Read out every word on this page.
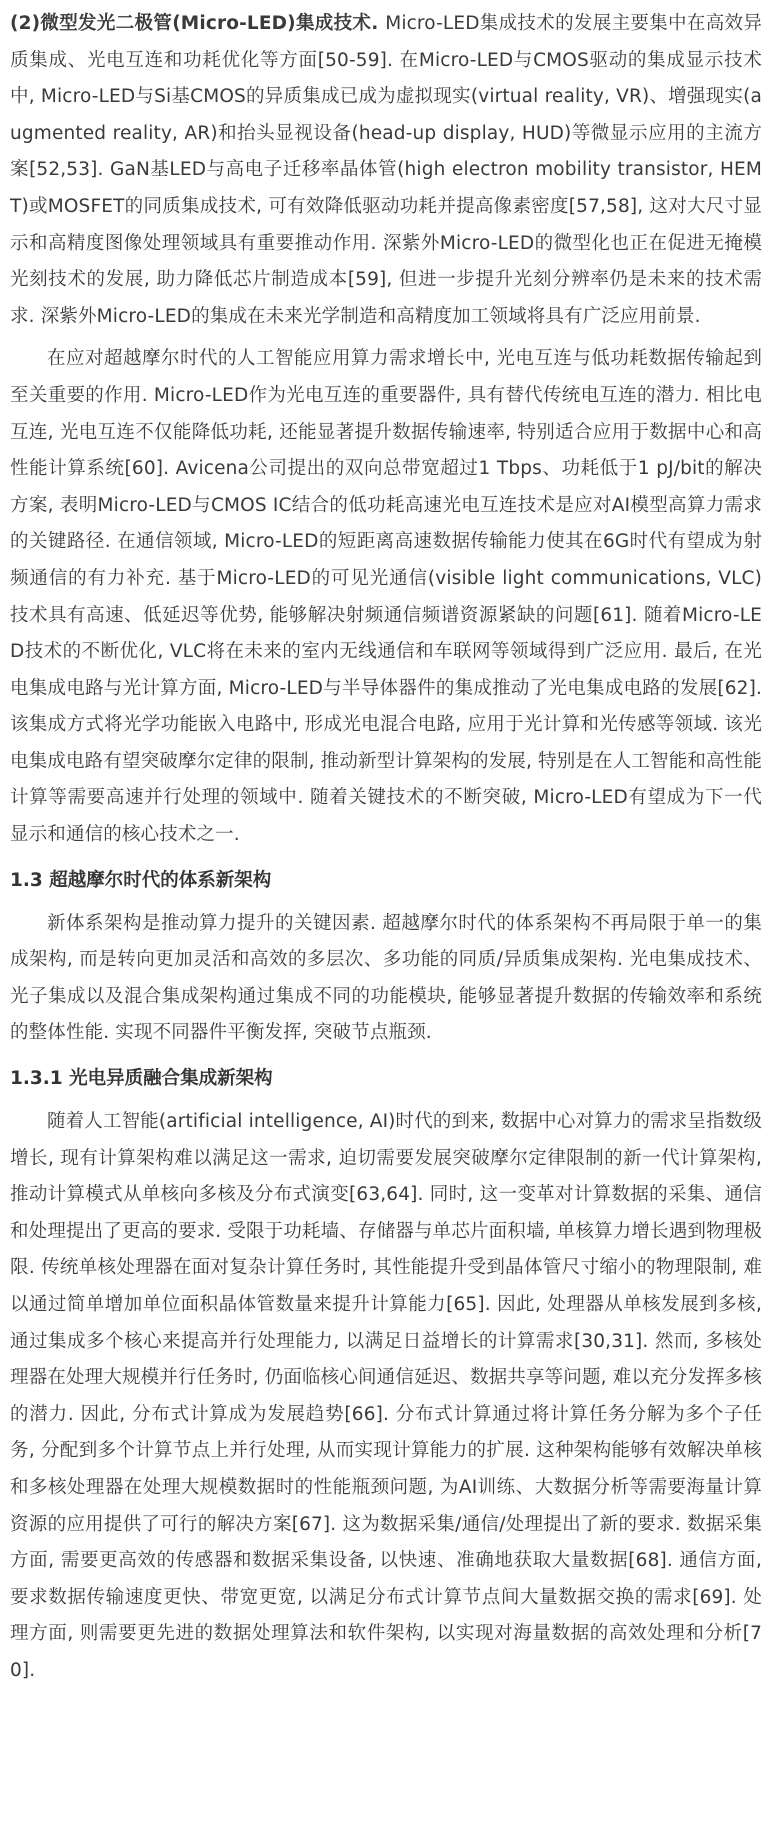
(2)微型发光二极管(Micro-LED)集成技术. Micro-LED集成技术的发展主要集中在高效异质集成、光电互连和功耗优化等方面[50-59]. 在Micro-LED与CMOS驱动的集成显示技术中, Micro-LED与Si基CMOS的异质集成已成为虚拟现实(virtual reality, VR)、增强现实(augmented reality, AR)和抬头显视设备(head-up display, HUD)等微显示应用的主流方案[52,53]. GaN基LED与高电子迁移率晶体管(high electron mobility transistor, HEMT)或MOSFET的同质集成技术, 可有效降低驱动功耗并提高像素密度[57,58], 这对大尺寸显示和高精度图像处理领域具有重要推动作用. 深紫外Micro-LED的微型化也正在促进无掩模光刻技术的发展, 助力降低芯片制造成本[59], 但进一步提升光刻分辨率仍是未来的技术需求. 深紫外Micro-LED的集成在未来光学制造和高精度加工领域将具有广泛应用前景.

在应对超越摩尔时代的人工智能应用算力需求增长中, 光电互连与低功耗数据传输起到至关重要的作用. Micro-LED作为光电互连的重要器件, 具有替代传统电互连的潜力. 相比电互连, 光电互连不仅能降低功耗, 还能显著提升数据传输速率, 特别适合应用于数据中心和高性能计算系统[60]. Avicena公司提出的双向总带宽超过1 Tbps、功耗低于1 pJ/bit的解决方案, 表明Micro-LED与CMOS IC结合的低功耗高速光电互连技术是应对AI模型高算力需求的关键路径. 在通信领域, Micro-LED的短距离高速数据传输能力使其在6G时代有望成为射频通信的有力补充. 基于Micro-LED的可见光通信(visible light communications, VLC)技术具有高速、低延迟等优势, 能够解决射频通信频谱资源紧缺的问题[61]. 随着Micro-LED技术的不断优化, VLC将在未来的室内无线通信和车联网等领域得到广泛应用. 最后, 在光电集成电路与光计算方面, Micro-LED与半导体器件的集成推动了光电集成电路的发展[62]. 该集成方式将光学功能嵌入电路中, 形成光电混合电路, 应用于光计算和光传感等领域. 该光电集成电路有望突破摩尔定律的限制, 推动新型计算架构的发展, 特别是在人工智能和高性能计算等需要高速并行处理的领域中. 随着关键技术的不断突破, Micro-LED有望成为下一代显示和通信的核心技术之一.

1.3 超越摩尔时代的体系新架构

新体系架构是推动算力提升的关键因素. 超越摩尔时代的体系架构不再局限于单一的集成架构, 而是转向更加灵活和高效的多层次、多功能的同质/异质集成架构. 光电集成技术、光子集成以及混合集成架构通过集成不同的功能模块, 能够显著提升数据的传输效率和系统的整体性能. 实现不同器件平衡发挥, 突破节点瓶颈.

1.3.1 光电异质融合集成新架构

随着人工智能(artificial intelligence, AI)时代的到来, 数据中心对算力的需求呈指数级增长, 现有计算架构难以满足这一需求, 迫切需要发展突破摩尔定律限制的新一代计算架构, 推动计算模式从单核向多核及分布式演变[63,64]. 同时, 这一变革对计算数据的采集、通信和处理提出了更高的要求. 受限于功耗墙、存储器与单芯片面积墙, 单核算力增长遇到物理极限. 传统单核处理器在面对复杂计算任务时, 其性能提升受到晶体管尺寸缩小的物理限制, 难以通过简单增加单位面积晶体管数量来提升计算能力[65]. 因此, 处理器从单核发展到多核, 通过集成多个核心来提高并行处理能力, 以满足日益增长的计算需求[30,31]. 然而, 多核处理器在处理大规模并行任务时, 仍面临核心间通信延迟、数据共享等问题, 难以充分发挥多核的潜力. 因此, 分布式计算成为发展趋势[66]. 分布式计算通过将计算任务分解为多个子任务, 分配到多个计算节点上并行处理, 从而实现计算能力的扩展. 这种架构能够有效解决单核和多核处理器在处理大规模数据时的性能瓶颈问题, 为AI训练、大数据分析等需要海量计算资源的应用提供了可行的解决方案[67]. 这为数据采集/通信/处理提出了新的要求. 数据采集方面, 需要更高效的传感器和数据采集设备, 以快速、准确地获取大量数据[68]. 通信方面, 要求数据传输速度更快、带宽更宽, 以满足分布式计算节点间大量数据交换的需求[69]. 处理方面, 则需要更先进的数据处理算法和软件架构, 以实现对海量数据的高效处理和分析[70].
